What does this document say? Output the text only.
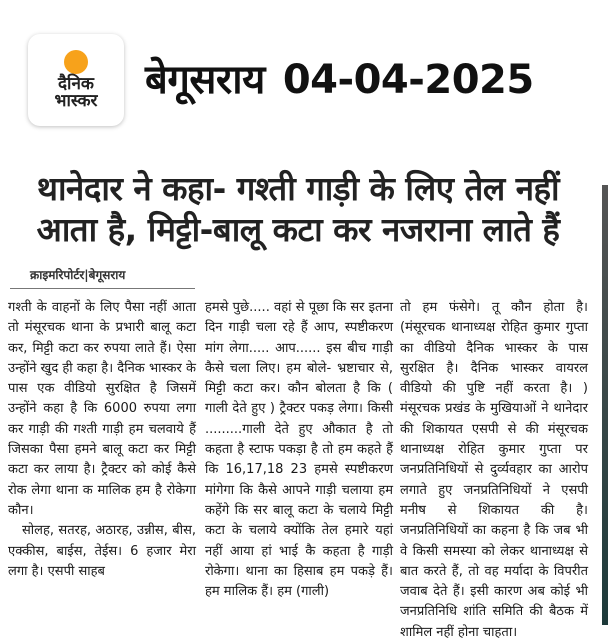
दैनिक
भास्कर बेगूसराय 04-04-2025
थानेदार ने कहा- गश्ती गाड़ी के लिए तेल नहीं
आता है, मिट्टी-बालू कटा कर नजराना लाते हैं
क्राइमरिपोर्टर|बेगूसराय

गश्ती के वाहनों के लिए पैसा नहीं आता तो मंसूरचक थाना के प्रभारी बालू कटा कर, मिट्टी कटा कर रुपया लाते हैं। ऐसा उन्होंने खुद ही कहा है। दैनिक भास्कर के पास एक वीडियो सुरक्षित है जिसमें उन्होंने कहा है कि 6000 रुपया लगा कर गाड़ी की गश्ती गाड़ी हम चलवाये हैं जिसका पैसा हमने बालू कटा कर मिट्टी कटा कर लाया है। ट्रैक्टर को कोई कैसे रोक लेगा थाना क मालिक हम है रोकेगा कौन।

सोलह, सतरह, अठारह, उन्नीस, बीस, एक्कीस, बाईस, तेईस। 6 हजार मेरा लगा है। एसपी साहब

हमसे पुछे..... वहां से पूछा कि सर इतना दिन गाड़ी चला रहे हैं आप, स्पष्टीकरण मांग लेगा..... आप...... इस बीच गाड़ी कैसे चला लिए। हम बोले- भ्रष्टाचार से, मिट्टी कटा कर। कौन बोलता है कि ( गाली देते हुए ) ट्रैक्टर पकड़ लेगा। किसी .........गाली देते हुए औकात है तो कहता है स्टाफ पकड़ा है तो हम कहते हैं कि 16,17,18 23 हमसे स्पष्टीकरण मांगेगा कि कैसे आपने गाड़ी चलाया हम कहेंगे कि सर बालू कटा के चलाये मिट्टी कटा के चलाये क्योंकि तेल हमारे यहां नहीं आया हां भाई कै कहता है गाड़ी रोकेगा। थाना का हिसाब हम पकड़े हैं। हम मालिक हैं। हम (गाली)

तो हम फंसेगे। तू कौन होता है। (मंसूरचक थानाध्यक्ष रोहित कुमार गुप्ता का वीडियो दैनिक भास्कर के पास सुरक्षित है। दैनिक भास्कर वायरल वीडियो की पुष्टि नहीं करता है। ) मंसूरचक प्रखंड के मुखियाओं ने थानेदार की शिकायत एसपी से की मंसूरचक थानाध्यक्ष रोहित कुमार गुप्ता पर जनप्रतिनिधियों से दुर्व्यवहार का आरोप लगाते हुए जनप्रतिनिधियों ने एसपी मनीष से शिकायत की है। जनप्रतिनिधियों का कहना है कि जब भी वे किसी समस्या को लेकर थानाध्यक्ष से बात करते हैं, तो वह मर्यादा के विपरीत जवाब देते हैं। इसी कारण अब कोई भी जनप्रतिनिधि शांति समिति की बैठक में शामिल नहीं होना चाहता।
